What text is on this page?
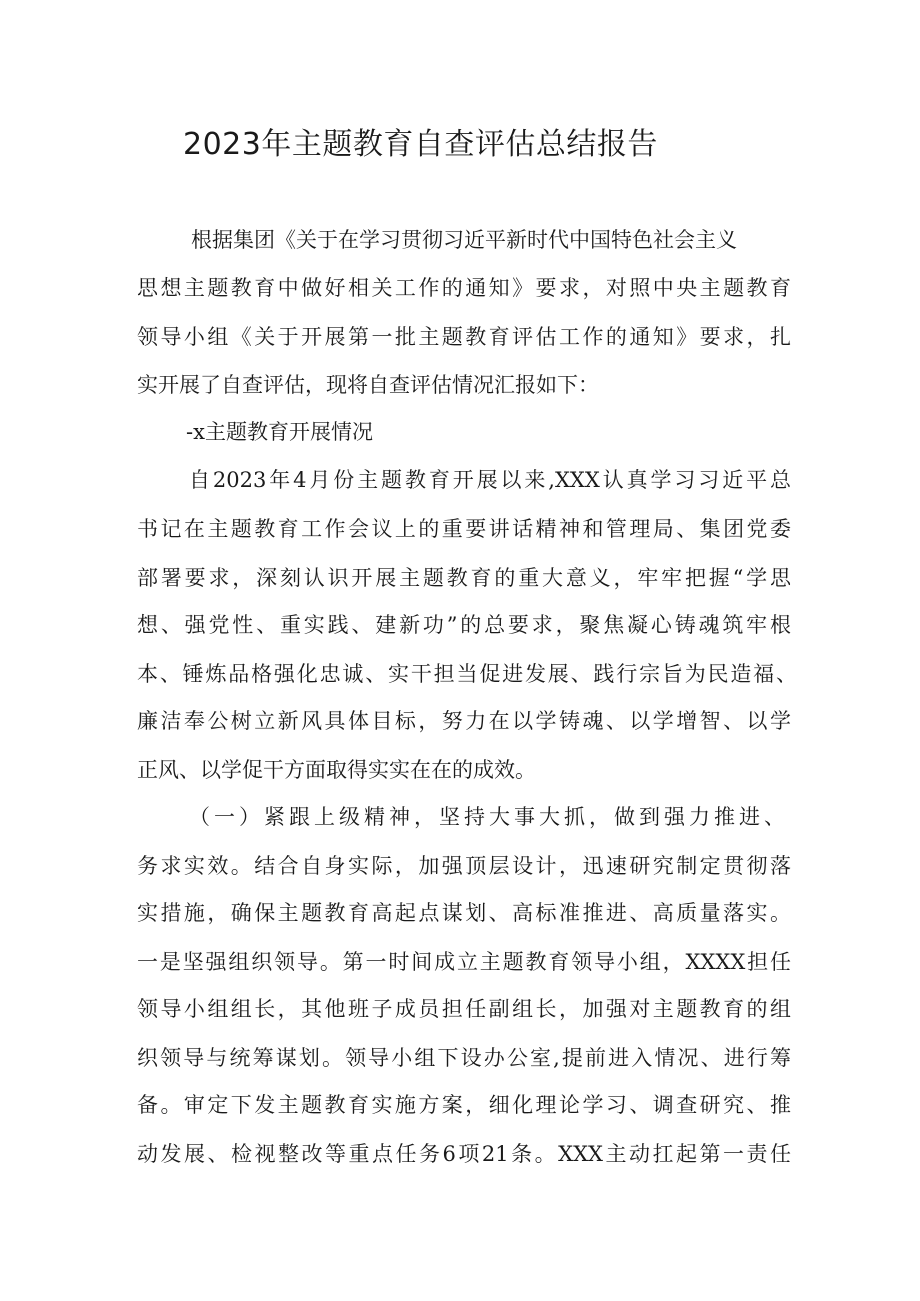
2023年主题教育自查评估总结报告

根据集团《关于在学习贯彻习近平新时代中国特色社会主义

思想主题教育中做好相关工作的通知》要求，对照中央主题教育

领导小组《关于开展第一批主题教育评估工作的通知》要求，扎

实开展了自查评估，现将自查评估情况汇报如下：

-x主题教育开展情况

自2023年4月份主题教育开展以来,XXX认真学习习近平总

书记在主题教育工作会议上的重要讲话精神和管理局、集团党委

部署要求，深刻认识开展主题教育的重大意义，牢牢把握“学思

想、强党性、重实践、建新功”的总要求，聚焦凝心铸魂筑牢根

本、锤炼品格强化忠诚、实干担当促进发展、践行宗旨为民造福、

廉洁奉公树立新风具体目标，努力在以学铸魂、以学增智、以学

正风、以学促干方面取得实实在在的成效。

（一）紧跟上级精神，坚持大事大抓，做到强力推进、

务求实效。结合自身实际，加强顶层设计，迅速研究制定贯彻落

实措施，确保主题教育高起点谋划、高标准推进、高质量落实。

一是坚强组织领导。第一时间成立主题教育领导小组，XXXX担任

领导小组组长，其他班子成员担任副组长，加强对主题教育的组

织领导与统筹谋划。领导小组下设办公室,提前进入情况、进行筹

备。审定下发主题教育实施方案，细化理论学习、调查研究、推

动发展、检视整改等重点任务6项21条。XXX主动扛起第一责任
